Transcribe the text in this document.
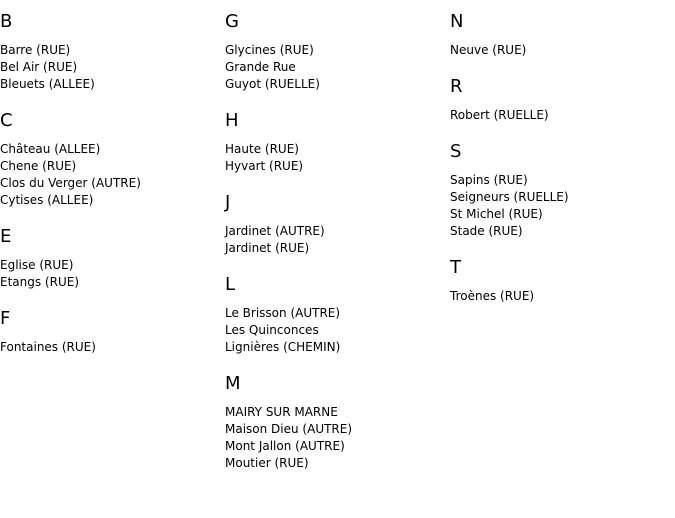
B
Barre (RUE)
Bel Air (RUE)
Bleuets (ALLEE)
C
Château (ALLEE)
Chene (RUE)
Clos du Verger (AUTRE)
Cytises (ALLEE)
E
Eglise (RUE)
Etangs (RUE)
F
Fontaines (RUE)
G
Glycines (RUE)
Grande Rue
Guyot (RUELLE)
H
Haute (RUE)
Hyvart (RUE)
J
Jardinet (AUTRE)
Jardinet (RUE)
L
Le Brisson (AUTRE)
Les Quinconces
Lignières (CHEMIN)
M
MAIRY SUR MARNE
Maison Dieu (AUTRE)
Mont Jallon (AUTRE)
Moutier (RUE)
N
Neuve (RUE)
R
Robert (RUELLE)
S
Sapins (RUE)
Seigneurs (RUELLE)
St Michel (RUE)
Stade (RUE)
T
Troènes (RUE)
